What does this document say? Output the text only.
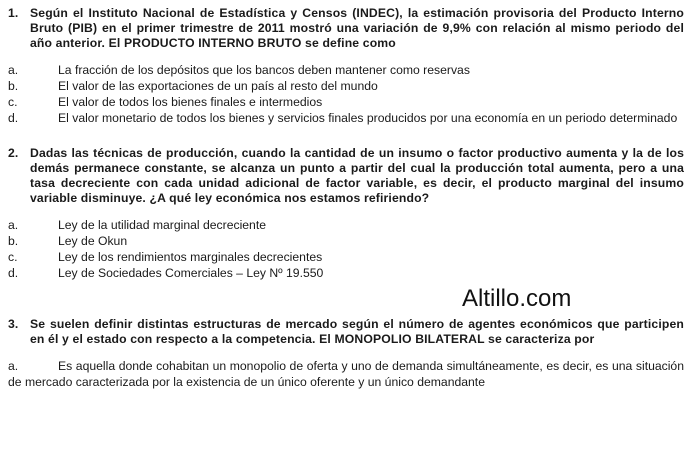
1. Según el Instituto Nacional de Estadística y Censos (INDEC), la estimación provisoria del Producto Interno Bruto (PIB) en el primer trimestre de 2011 mostró una variación de 9,9% con relación al mismo periodo del año anterior. El PRODUCTO INTERNO BRUTO se define como
a.	La fracción de los depósitos que los bancos deben mantener como reservas
b.	El valor de las exportaciones de un país al resto del mundo
c.	El valor de todos los bienes finales e intermedios
d.	El valor monetario de todos los bienes y servicios finales producidos por una economía en un periodo determinado
2. Dadas las técnicas de producción, cuando la cantidad de un insumo o factor productivo aumenta y la de los demás permanece constante, se alcanza un punto a partir del cual la producción total aumenta, pero a una tasa decreciente con cada unidad adicional de factor variable, es decir, el producto marginal del insumo variable disminuye. ¿A qué ley económica nos estamos refiriendo?
a.	Ley de la utilidad marginal decreciente
b.	Ley de Okun
c.	Ley de los rendimientos marginales decrecientes
d.	Ley de Sociedades Comerciales – Ley Nº 19.550
3. Se suelen definir distintas estructuras de mercado según el número de agentes económicos que participen en él y el estado con respecto a la competencia. El MONOPOLIO BILATERAL se caracteriza por
a.	Es aquella donde cohabitan un monopolio de oferta y uno de demanda simultáneamente, es decir, es una situación de mercado caracterizada por la existencia de un único oferente y un único demandante
Altillo.com
